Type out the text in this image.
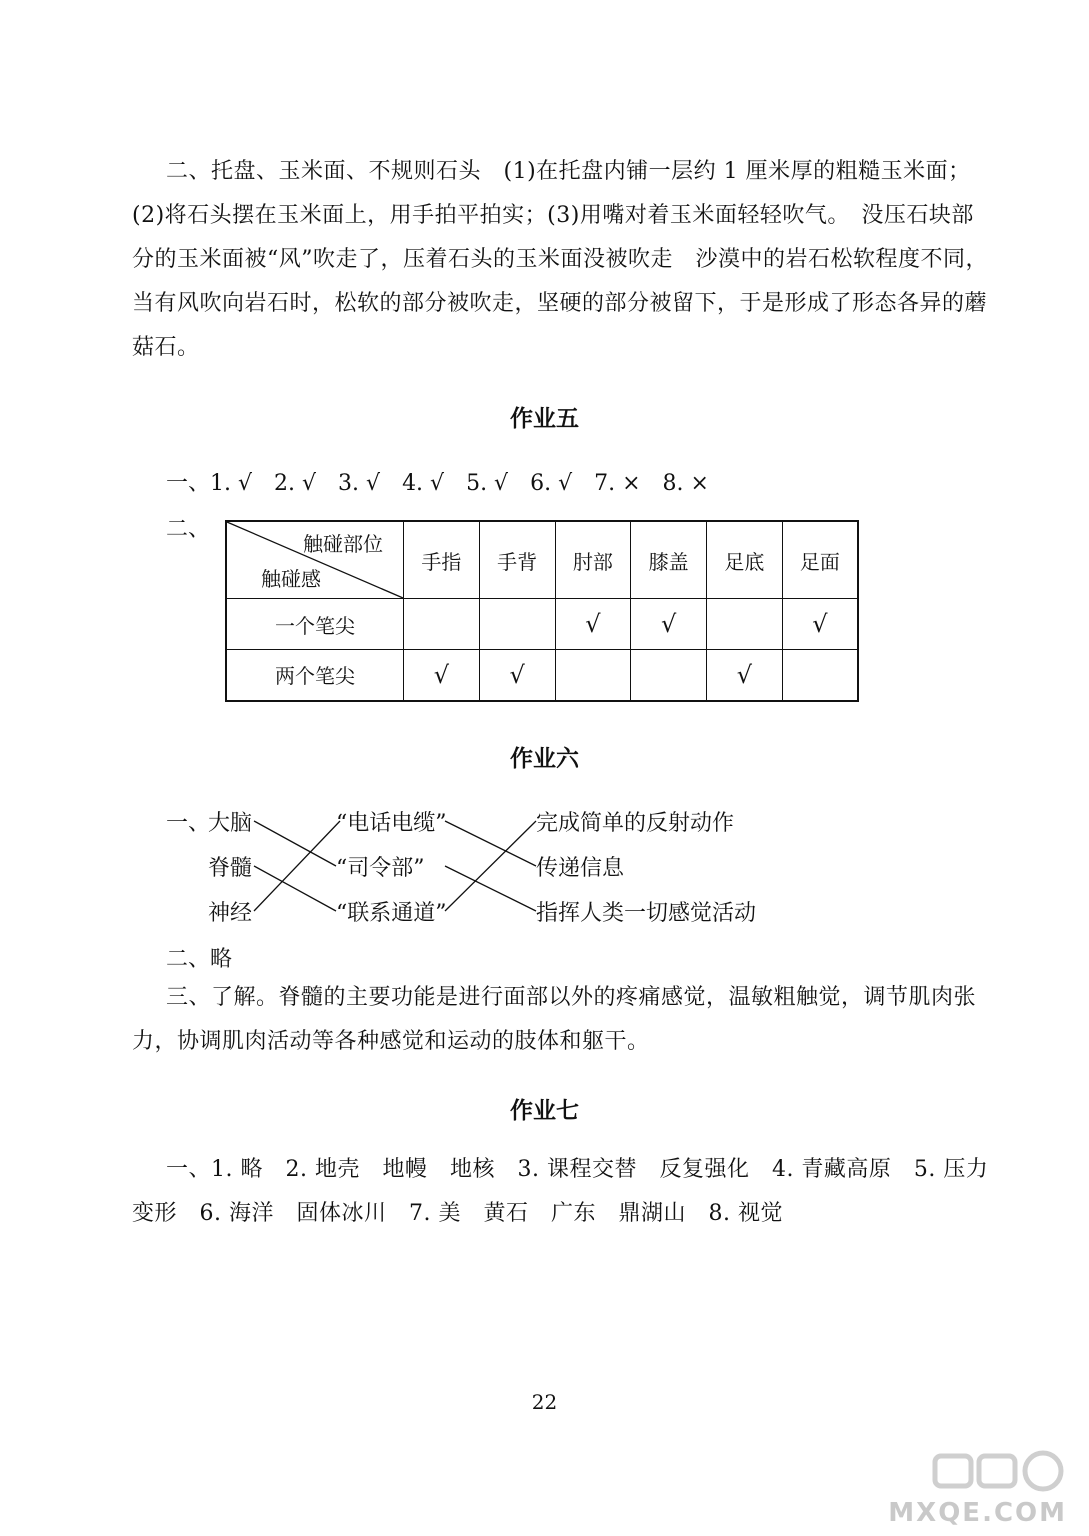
二、托盘、玉米面、不规则石头　(1)在托盘内铺一层约 1 厘米厚的粗糙玉米面；
(2)将石头摆在玉米面上，用手拍平拍实；(3)用嘴对着玉米面轻轻吹气。　没压石块部
分的玉米面被“风”吹走了，压着石头的玉米面没被吹走　沙漠中的岩石松软程度不同，
当有风吹向岩石时，松软的部分被吹走，坚硬的部分被留下，于是形成了形态各异的蘑
菇石。
作业五
一、1. √ 2. √ 3. √ 4. √ 5. √ 6. √ 7. × 8. ×
二、
触碰部位
触碰感	手指	手背	肘部	膝盖	足底	足面
一个笔尖			√	√		√
两个笔尖	√	√			√	
作业六
一、
大脑
脊髓
神经
“电话电缆”
“司令部”
“联系通道”
完成简单的反射动作
传递信息
指挥人类一切感觉活动
二、略
三、了解。脊髓的主要功能是进行面部以外的疼痛感觉，温敏粗触觉，调节肌肉张
力，协调肌肉活动等各种感觉和运动的肢体和躯干。
作业七
一、1. 略　2. 地壳　地幔　地核　3. 课程交替　反复强化　4. 青藏高原　5. 压力
变形　6. 海洋　固体冰川　7. 美　黄石　广东　鼎湖山　8. 视觉
22
MXQE.COM
